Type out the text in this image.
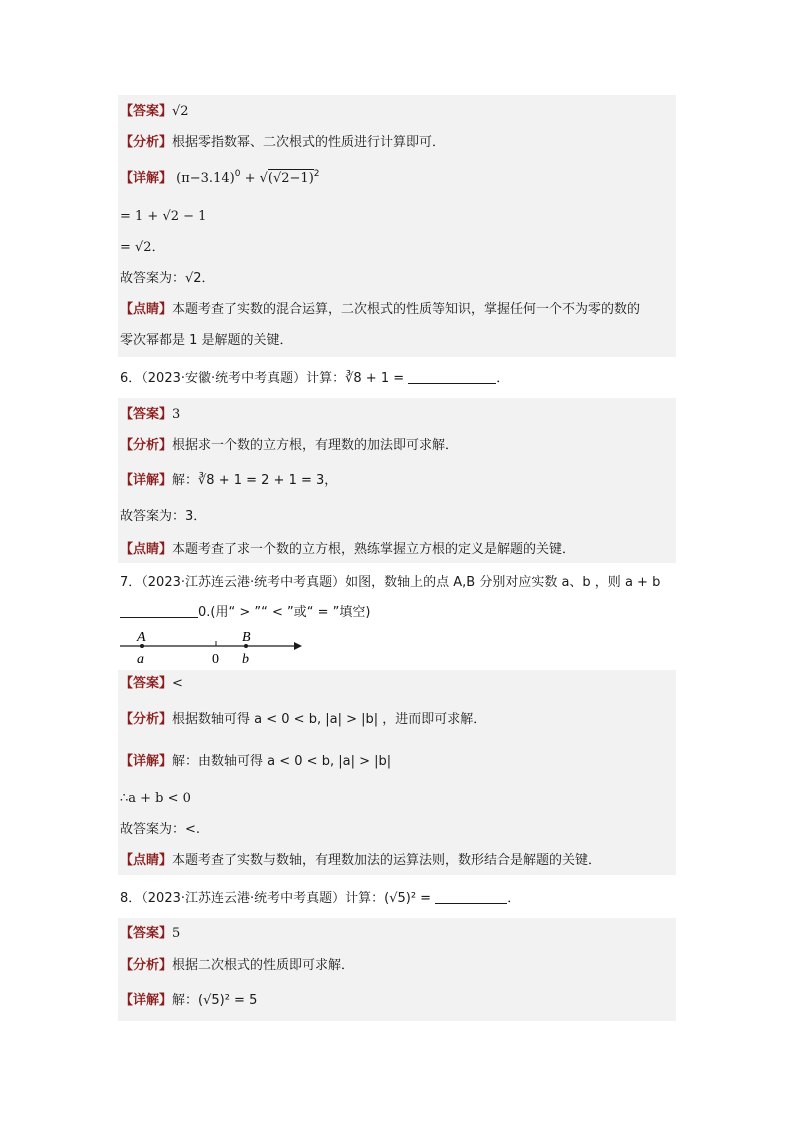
【答案】√2
【分析】根据零指数幂、二次根式的性质进行计算即可．
【详解】 $(\pi-3.14)^0 + √(√2-1)^2$
= 1 + √2 − 1
= √2．
故答案为：√2．
【点睛】本题考查了实数的混合运算，二次根式的性质等知识，掌握任何一个不为零的数的
零次幂都是 1 是解题的关键．
6．（2023·安徽·统考中考真题）计算：∛8 + 1 =	．
【答案】3
【分析】根据求一个数的立方根，有理数的加法即可求解．
【详解】解：∛8 + 1 = 2 + 1 = 3，
故答案为：3．
【点睛】本题考查了求一个数的立方根，熟练掌握立方根的定义是解题的关键．
7．（2023·江苏连云港·统考中考真题）如图，数轴上的点 A,B 分别对应实数 a、b ，则 a + b
0.(用“ > ”“ < ”或“ = ”填空)
A
a	0
B
b
【答案】<
【分析】根据数轴可得 a < 0 < b, |a| > |b| ，进而即可求解．
【详解】解：由数轴可得 a < 0 < b, |a| > |b|
∴a + b < 0
故答案为：<.
【点睛】本题考查了实数与数轴，有理数加法的运算法则，数形结合是解题的关键．
8．（2023·江苏连云港·统考中考真题）计算：(√5)² =	．
【答案】5
【分析】根据二次根式的性质即可求解．
【详解】解：(√5)² = 5
